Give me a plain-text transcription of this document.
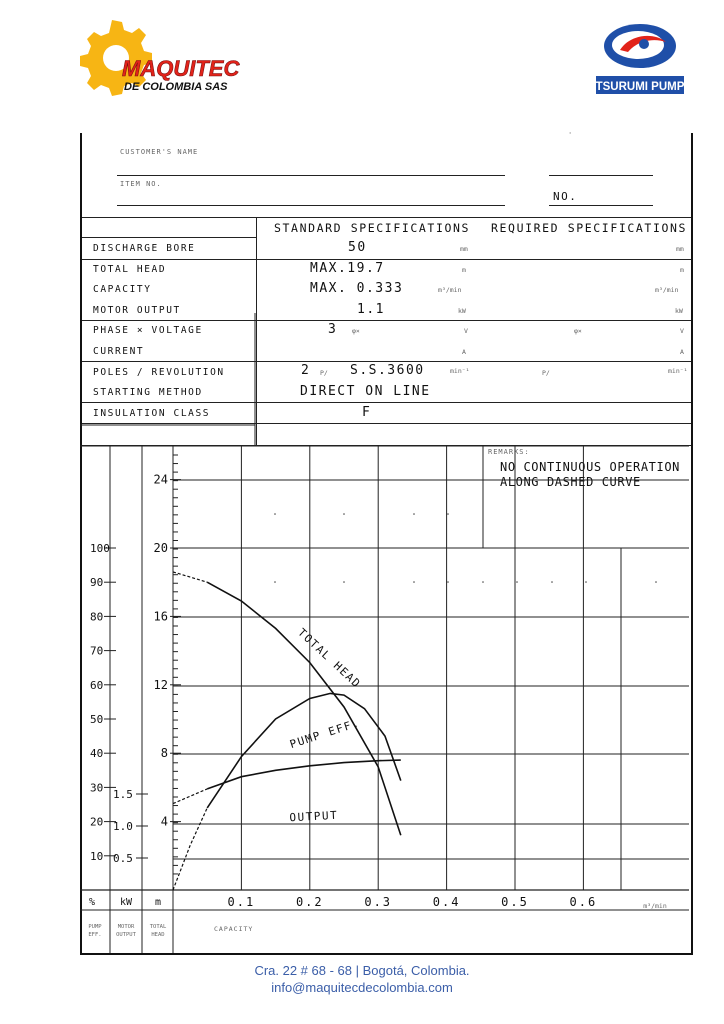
MAQUITEC
DE COLOMBIA SAS	TSURUMI PUMP
CUSTOMER'S NAME
ITEM NO.
NO.
'
STANDARD SPECIFICATIONS REQUIRED SPECIFICATIONS
DISCHARGE BORE	50	mm	mm
TOTAL HEAD	MAX.19.7	m	m
CAPACITY	MAX. 0.333	m³/min	m³/min
MOTOR OUTPUT	1.1	kW	kW
PHASE × VOLTAGE	3 φ×	V	φ×	V
CURRENT	A	A
POLES / REVOLUTION	2 P/ S.S.3600	min⁻¹	P/	min⁻¹
STARTING METHOD	DIRECT ON LINE
INSULATION CLASS	F
REMARKS:
NO CONTINUOUS OPERATION
ALONG DASHED CURVE
10
20
30
40
50
60
70
80
90
100
0.5
1.0
1.5
4
8
12
16
20
24
0.1	0.2	0.3	0.4	0.5	0.6	m³/min
% kW m
PUMP
EFF.
MOTOR
OUTPUT
TOTAL
HEAD
CAPACITY
TOTAL HEAD
PUMP EFF.
OUTPUT
Cra. 22 # 68 - 68 | Bogotá, Colombia.
info@maquitecdecolombia.com
